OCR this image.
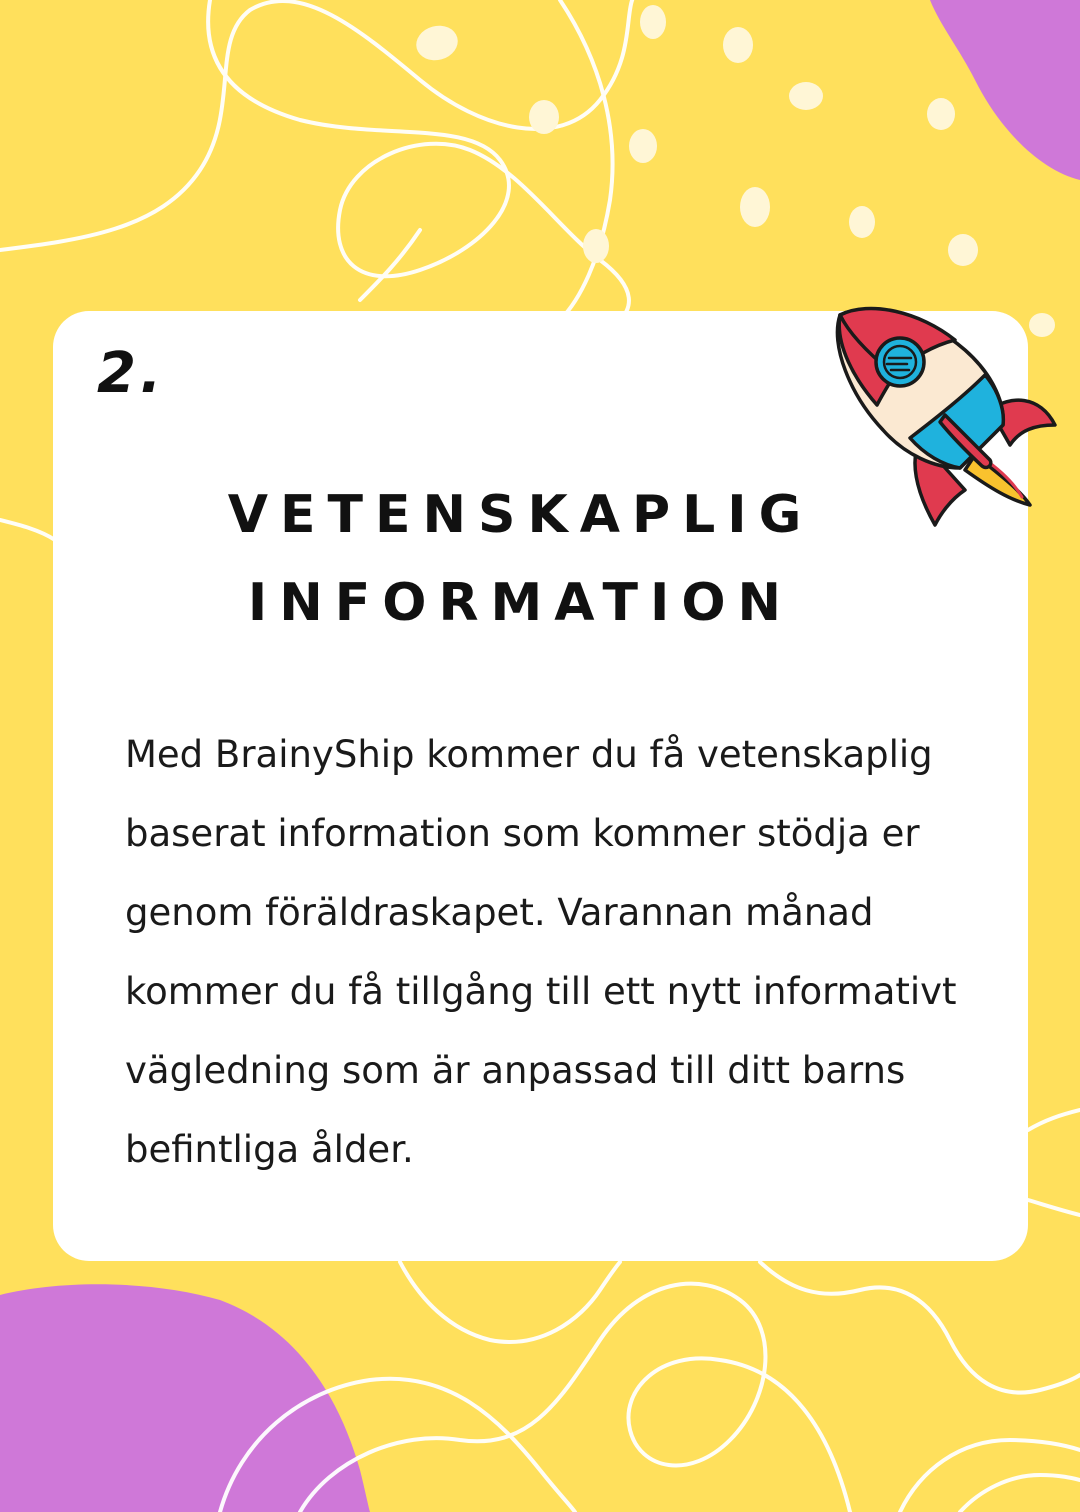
2.

VETENSKAPLIG
INFORMATION

Med BrainyShip kommer du få vetenskaplig baserat information som kommer stödja er genom föräldraskapet. Varannan månad kommer du få tillgång till ett nytt informativt vägledning som är anpassad till ditt barns befintliga ålder.
